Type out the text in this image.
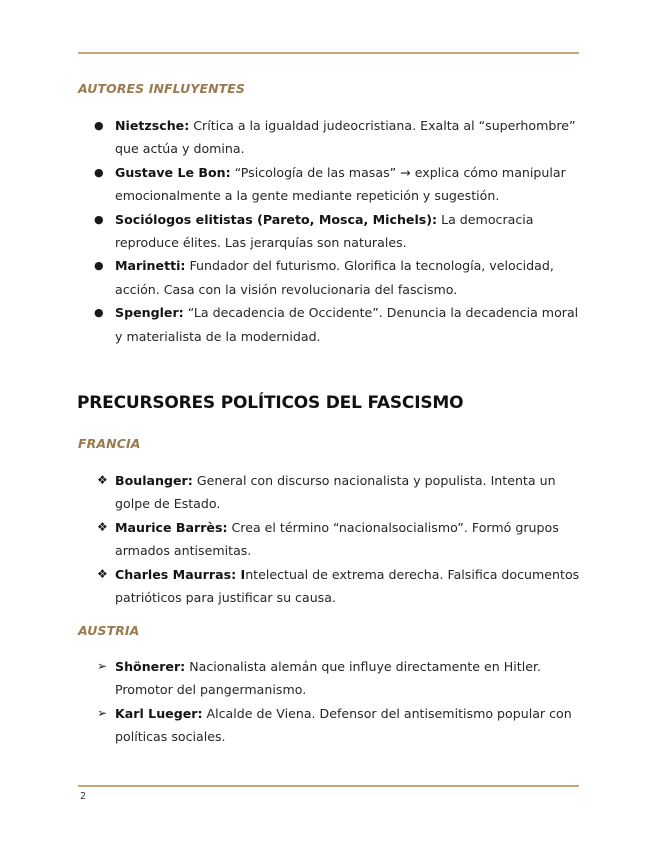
AUTORES INFLUYENTES
● Nietzsche: Crítica a la igualdad judeocristiana. Exalta al “superhombre” que actúa y domina.
● Gustave Le Bon: “Psicología de las masas” → explica cómo manipular emocionalmente a la gente mediante repetición y sugestión.
● Sociólogos elitistas (Pareto, Mosca, Michels): La democracia reproduce élites. Las jerarquías son naturales.
● Marinetti: Fundador del futurismo. Glorifica la tecnología, velocidad, acción. Casa con la visión revolucionaria del fascismo.
● Spengler: “La decadencia de Occidente”. Denuncia la decadencia moral y materialista de la modernidad.
PRECURSORES POLÍTICOS DEL FASCISMO
FRANCIA
❖ Boulanger: General con discurso nacionalista y populista. Intenta un golpe de Estado.
❖ Maurice Barrès: Crea el término “nacionalsocialismo”. Formó grupos armados antisemitas.
❖ Charles Maurras: Intelectual de extrema derecha. Falsifica documentos patrióticos para justificar su causa.
AUSTRIA
➢ Shönerer: Nacionalista alemán que influye directamente en Hitler. Promotor del pangermanismo.
➢ Karl Lueger: Alcalde de Viena. Defensor del antisemitismo popular con políticas sociales.
2
